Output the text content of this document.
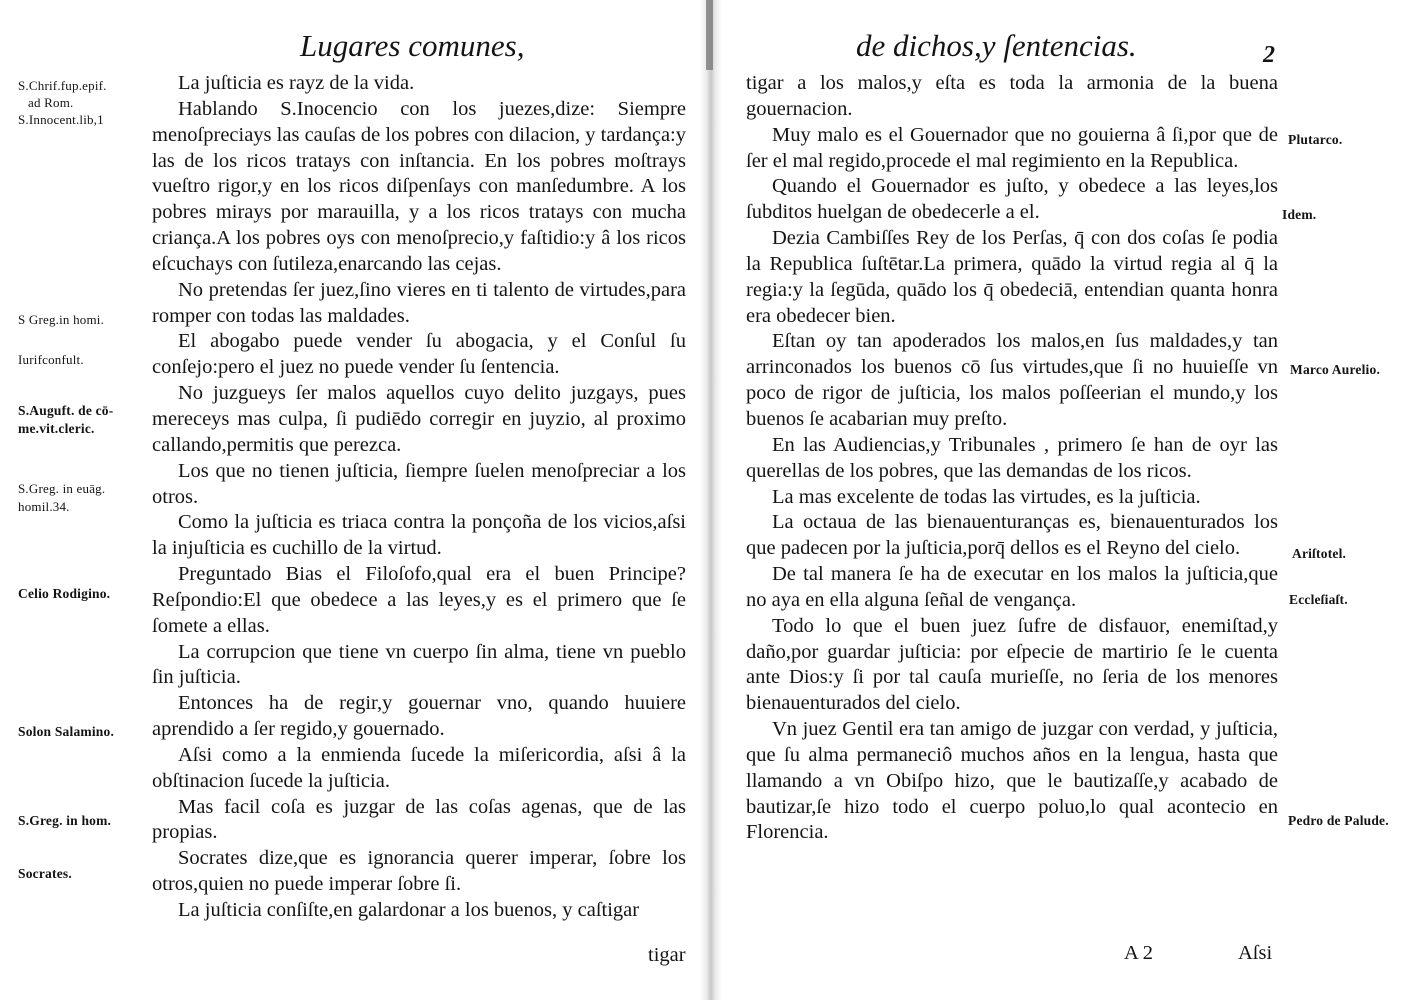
Lugares comunes,
S.Chrif.fup.epif.
ad Rom.
S.Innocent.lib,1
S Greg.in homi.
Iurifconfult.
S.Auguft. de cō-
me.vit.cleric.
S.Greg. in euāg.
homil.34.
Celio Rodigino.
Solon Salamino.
S.Greg. in hom.
Socrates.

La juſticia es rayz de la vida.

Hablando S.Inocencio con los juezes,dize: Siempre menoſpreciays las cauſas de los pobres con dilacion, y tardança:y las de los ricos tratays con inſtancia. En los pobres moſtrays vueſtro rigor,y en los ricos diſpenſays con manſedumbre. A los pobres mirays por marauilla, y a los ricos tratays con mucha criança.A los pobres oys con menoſprecio,y faſtidio:y â los ricos eſcuchays con ſutileza,enarcando las cejas.

No pretendas ſer juez,ſino vieres en ti talento de virtudes,para romper con todas las maldades.

El abogabo puede vender ſu abogacia, y el Conſul ſu conſejo:pero el juez no puede vender ſu ſentencia.

No juzgueys ſer malos aquellos cuyo delito juzgays, pues mereceys mas culpa, ſi pudiēdo corregir en juyzio, al proximo callando,permitis que perezca.

Los que no tienen juſticia, ſiempre ſuelen menoſpreciar a los otros.

Como la juſticia es triaca contra la ponçoña de los vicios,aſsi la injuſticia es cuchillo de la virtud.

Preguntado Bias el Filoſofo,qual era el buen Principe?Reſpondio:El que obedece a las leyes,y es el primero que ſe ſomete a ellas.

La corrupcion que tiene vn cuerpo ſin alma, tiene vn pueblo ſin juſticia.

Entonces ha de regir,y gouernar vno, quando huuiere aprendido a ſer regido,y gouernado.

Aſsi como a la enmienda ſucede la miſericordia, aſsi â la obſtinacion ſucede la juſticia.

Mas facil coſa es juzgar de las coſas agenas, que de las propias.

Socrates dize,que es ignorancia querer imperar, ſobre los otros,quien no puede imperar ſobre ſi.

La juſticia conſiſte,en galardonar a los buenos, y caſtigar

tigar
de dichos,y ſentencias.	2
Plutarco.
Idem.
Marco Aurelio.
Ariſtotel.
Eccleſiaſt.
Pedro de Palude.

tigar a los malos,y eſta es toda la armonia de la buena gouernacion.

Muy malo es el Gouernador que no gouierna â ſi,por que de ſer el mal regido,procede el mal regimiento en la Republica.

Quando el Gouernador es juſto, y obedece a las leyes,los ſubditos huelgan de obedecerle a el.

Dezia Cambiſſes Rey de los Perſas, q̄ con dos coſas ſe podia la Republica ſuſtētar.La primera, quādo la virtud regia al q̄ la regia:y la ſegūda, quādo los q̄ obedeciā, entendian quanta honra era obedecer bien.

Eſtan oy tan apoderados los malos,en ſus maldades,y tan arrinconados los buenos cō ſus virtudes,que ſi no huuieſſe vn poco de rigor de juſticia, los malos poſſeerian el mundo,y los buenos ſe acabarian muy preſto.

En las Audiencias,y Tribunales , primero ſe han de oyr las querellas de los pobres, que las demandas de los ricos.

La mas excelente de todas las virtudes, es la juſticia.

La octaua de las bienauenturanças es, bienauenturados los que padecen por la juſticia,porq̄ dellos es el Reyno del cielo.

De tal manera ſe ha de executar en los malos la juſticia,que no aya en ella alguna ſeñal de vengança.

Todo lo que el buen juez ſufre de disfauor, enemiſtad,y daño,por guardar juſticia: por eſpecie de martirio ſe le cuenta ante Dios:y ſi por tal cauſa murieſſe, no ſeria de los menores bienauenturados del cielo.

Vn juez Gentil era tan amigo de juzgar con verdad, y juſticia, que ſu alma permaneciô muchos años en la lengua, hasta que llamando a vn Obiſpo hizo, que le bautizaſſe,y acabado de bautizar,ſe hizo todo el cuerpo poluo,lo qual acontecio en Florencia.

A 2	Aſsi
